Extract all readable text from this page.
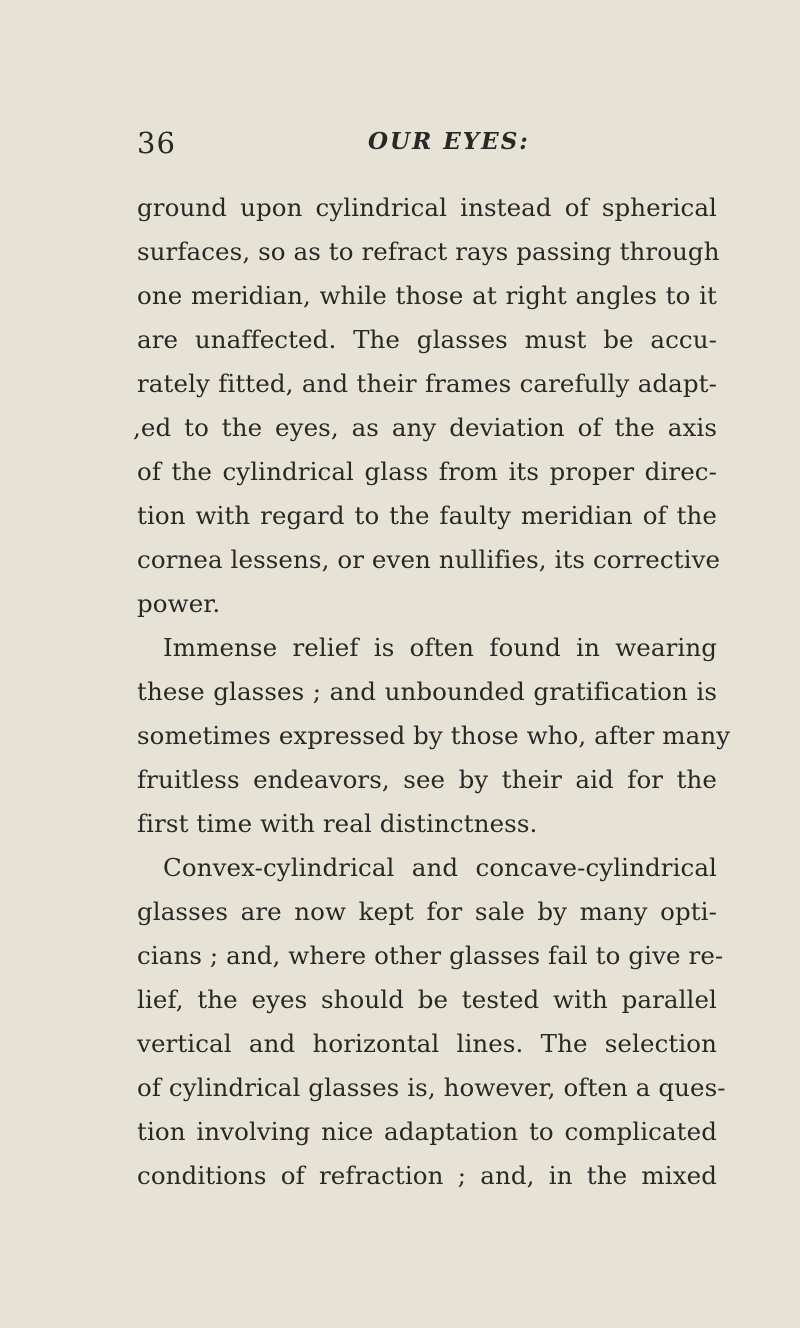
36	OUR EYES:
ground upon cylindrical instead of spherical
surfaces, so as to refract rays passing through
one meridian, while those at right angles to it
are unaffected. The glasses must be accu-
rately fitted, and their frames carefully adapt-
,ed to the eyes, as any deviation of the axis
of the cylindrical glass from its proper direc-
tion with regard to the faulty meridian of the
cornea lessens, or even nullifies, its corrective
power.
Immense relief is often found in wearing
these glasses ; and unbounded gratification is
sometimes expressed by those who, after many
fruitless endeavors, see by their aid for the
first time with real distinctness.
Convex-cylindrical and concave-cylindrical
glasses are now kept for sale by many opti-
cians ; and, where other glasses fail to give re-
lief, the eyes should be tested with parallel
vertical and horizontal lines. The selection
of cylindrical glasses is, however, often a ques-
tion involving nice adaptation to complicated
conditions of refraction ; and, in the mixed
